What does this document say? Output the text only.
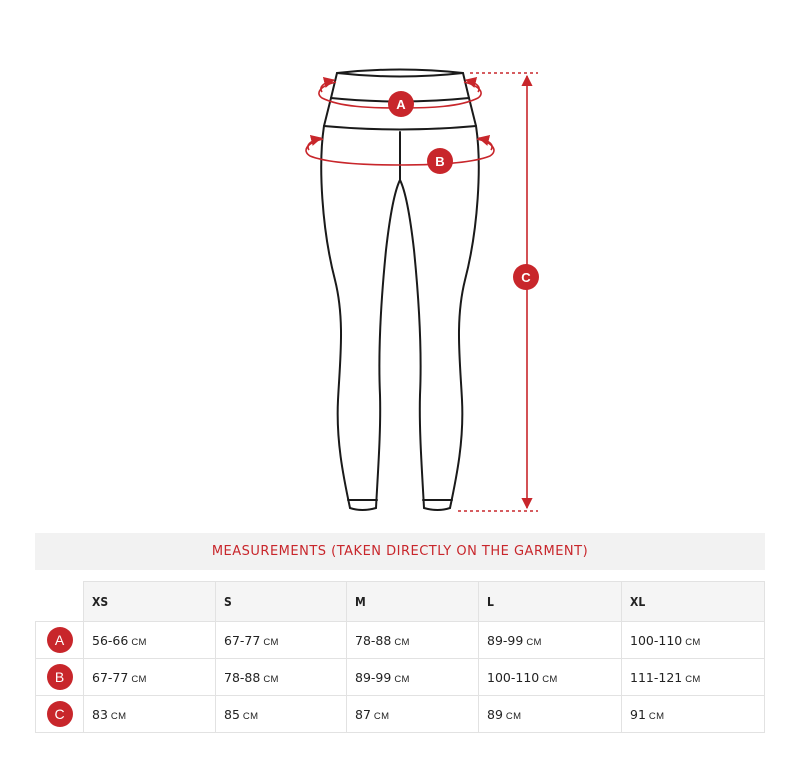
A
B
C
MEASUREMENTS (TAKEN DIRECTLY ON THE GARMENT)
	XS	S	M	L	XL
A	56-66 CM	67-77 CM	78-88 CM	89-99 CM	100-110 CM
B	67-77 CM	78-88 CM	89-99 CM	100-110 CM	111-121 CM
C	83 CM	85 CM	87 CM	89 CM	91 CM
